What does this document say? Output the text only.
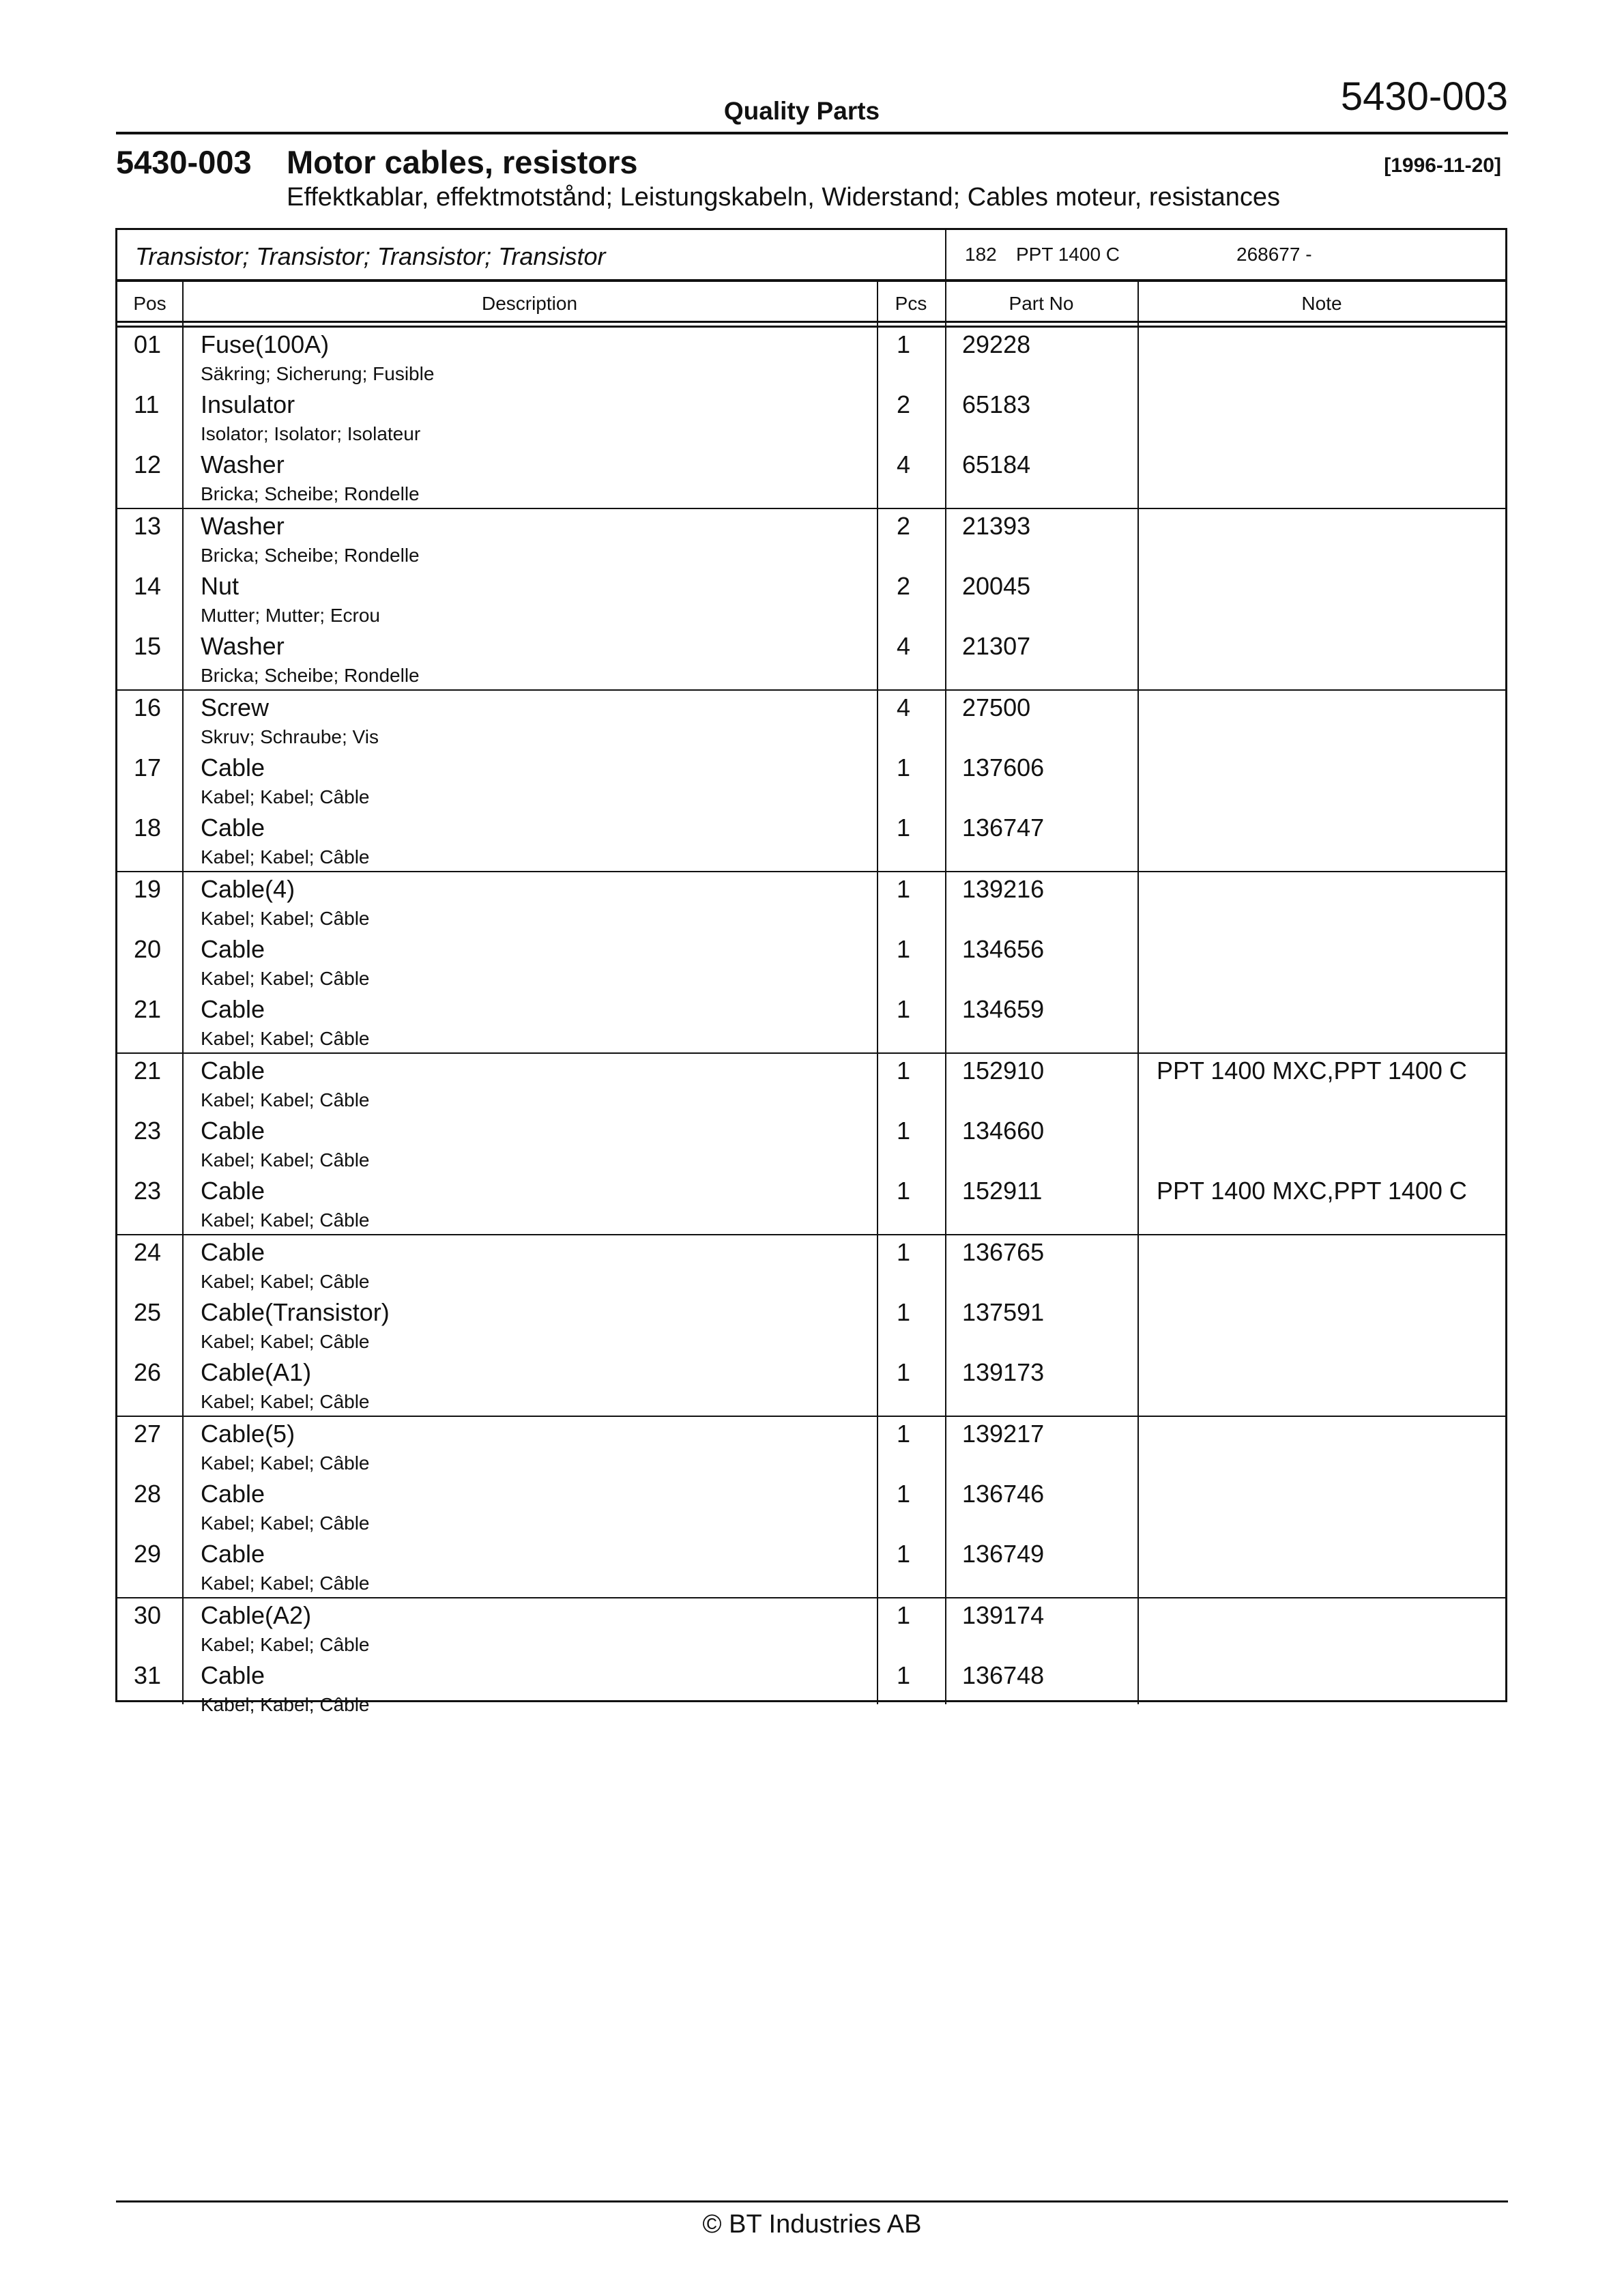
Quality Parts	5430-003
5430-003 Motor cables, resistors	[1996-11-20]
Effektkablar, effektmotstånd; Leistungskabeln, Widerstand; Cables moteur, resistances
Transistor; Transistor; Transistor; Transistor	182 PPT 1400 C	268677 -
Pos	Description	Pcs	Part No	Note
01 Fuse(100A)
Säkring; Sicherung; Fusible
1 29228
11 Insulator
Isolator; Isolator; Isolateur
2 65183
12 Washer
Bricka; Scheibe; Rondelle
4 65184
13 Washer
Bricka; Scheibe; Rondelle
2 21393
14 Nut
Mutter; Mutter; Ecrou
2 20045
15 Washer
Bricka; Scheibe; Rondelle
4 21307
16 Screw
Skruv; Schraube; Vis
4 27500
17 Cable
Kabel; Kabel; Câble
1 137606
18 Cable
Kabel; Kabel; Câble
1 136747
19 Cable(4)
Kabel; Kabel; Câble
1 139216
20 Cable
Kabel; Kabel; Câble
1 134656
21 Cable
Kabel; Kabel; Câble
1 134659
21 Cable
Kabel; Kabel; Câble
1 152910	PPT 1400 MXC,PPT 1400 C
23 Cable
Kabel; Kabel; Câble
1 134660
23 Cable
Kabel; Kabel; Câble
1 152911	PPT 1400 MXC,PPT 1400 C
24 Cable
Kabel; Kabel; Câble
1 136765
25 Cable(Transistor)
Kabel; Kabel; Câble
1 137591
26 Cable(A1)
Kabel; Kabel; Câble
1 139173
27 Cable(5)
Kabel; Kabel; Câble
1 139217
28 Cable
Kabel; Kabel; Câble
1 136746
29 Cable
Kabel; Kabel; Câble
1 136749
30 Cable(A2)
Kabel; Kabel; Câble
1 139174
31 Cable
Kabel; Kabel; Câble
1 136748
© BT Industries AB
